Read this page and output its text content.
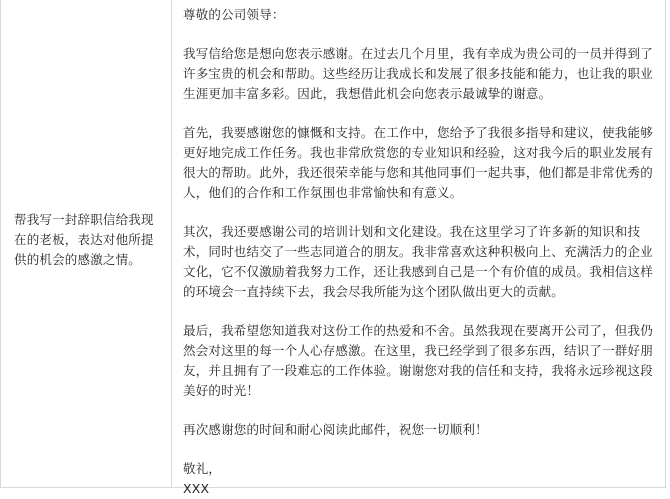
帮我写一封辞职信给我现在的老板，表达对他所提供的机会的感激之情。

尊敬的公司领导：

我写信给您是想向您表示感谢。在过去几个月里，我有幸成为贵公司的一员并得到了许多宝贵的机会和帮助。这些经历让我成长和发展了很多技能和能力，也让我的职业生涯更加丰富多彩。因此，我想借此机会向您表示最诚挚的谢意。

首先，我要感谢您的慷慨和支持。在工作中，您给予了我很多指导和建议，使我能够更好地完成工作任务。我也非常欣赏您的专业知识和经验，这对我今后的职业发展有很大的帮助。此外，我还很荣幸能与您和其他同事们一起共事，他们都是非常优秀的人，他们的合作和工作氛围也非常愉快和有意义。

其次，我还要感谢公司的培训计划和文化建设。我在这里学习了许多新的知识和技术，同时也结交了一些志同道合的朋友。我非常喜欢这种积极向上、充满活力的企业文化，它不仅激励着我努力工作，还让我感到自己是一个有价值的成员。我相信这样的环境会一直持续下去，我会尽我所能为这个团队做出更大的贡献。

最后，我希望您知道我对这份工作的热爱和不舍。虽然我现在要离开公司了，但我仍然会对这里的每一个人心存感激。在这里，我已经学到了很多东西，结识了一群好朋友，并且拥有了一段难忘的工作体验。谢谢您对我的信任和支持，我将永远珍视这段美好的时光！

再次感谢您的时间和耐心阅读此邮件，祝您一切顺利！

敬礼，

XXX
